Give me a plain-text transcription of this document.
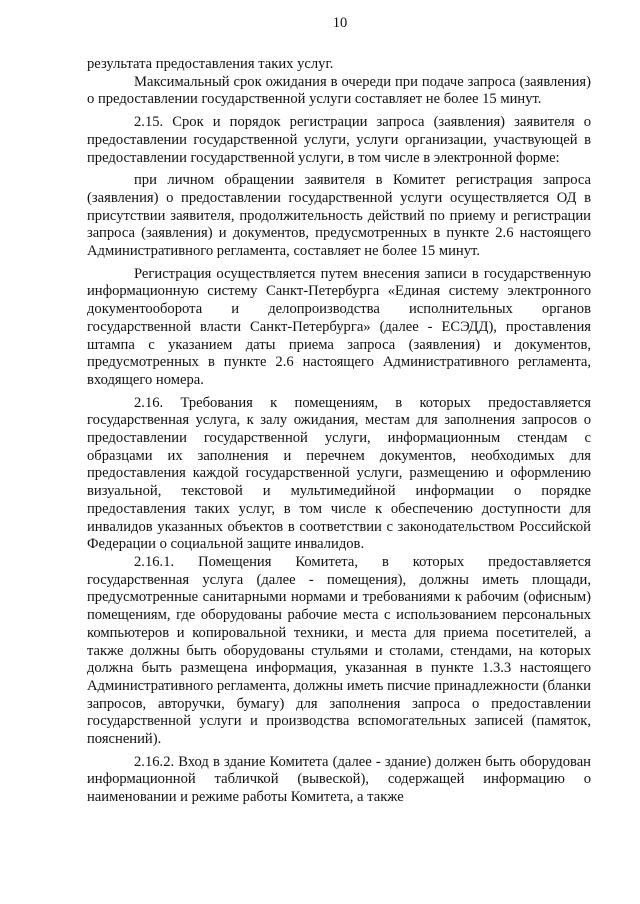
10

результата предоставления таких услуг.

Максимальный срок ожидания в очереди при подаче запроса (заявления) о предоставлении государственной услуги составляет не более 15 минут.

2.15. Срок и порядок регистрации запроса (заявления) заявителя о предоставлении государственной услуги, услуги организации, участвующей в предоставлении государственной услуги, в том числе в электронной форме:

при личном обращении заявителя в Комитет регистрация запроса (заявления) о предоставлении государственной услуги осуществляется ОД в присутствии заявителя, продолжительность действий по приему и регистрации запроса (заявления) и документов, предусмотренных в пункте 2.6 настоящего Административного регламента, составляет не более 15 минут.

Регистрация осуществляется путем внесения записи в государственную информационную систему Санкт-Петербурга «Единая систему электронного документооборота и делопроизводства исполнительных органов государственной власти Санкт-Петербурга» (далее - ЕСЭДД), проставления штампа с указанием даты приема запроса (заявления) и документов, предусмотренных в пункте 2.6 настоящего Административного регламента, входящего номера.

2.16. Требования к помещениям, в которых предоставляется государственная услуга, к залу ожидания, местам для заполнения запросов о предоставлении государственной услуги, информационным стендам с образцами их заполнения и перечнем документов, необходимых для предоставления каждой государственной услуги, размещению и оформлению визуальной, текстовой и мультимедийной информации о порядке предоставления таких услуг, в том числе к обеспечению доступности для инвалидов указанных объектов в соответствии с законодательством Российской Федерации о социальной защите инвалидов.

2.16.1. Помещения Комитета, в которых предоставляется государственная услуга (далее - помещения), должны иметь площади, предусмотренные санитарными нормами и требованиями к рабочим (офисным) помещениям, где оборудованы рабочие места с использованием персональных компьютеров и копировальной техники, и места для приема посетителей, а также должны быть оборудованы стульями и столами, стендами, на которых должна быть размещена информация, указанная в пункте 1.3.3 настоящего Административного регламента, должны иметь писчие принадлежности (бланки запросов, авторучки, бумагу) для заполнения запроса о предоставлении государственной услуги и производства вспомогательных записей (памяток, пояснений).

2.16.2. Вход в здание Комитета (далее - здание) должен быть оборудован информационной табличкой (вывеской), содержащей информацию о наименовании и режиме работы Комитета, а также
